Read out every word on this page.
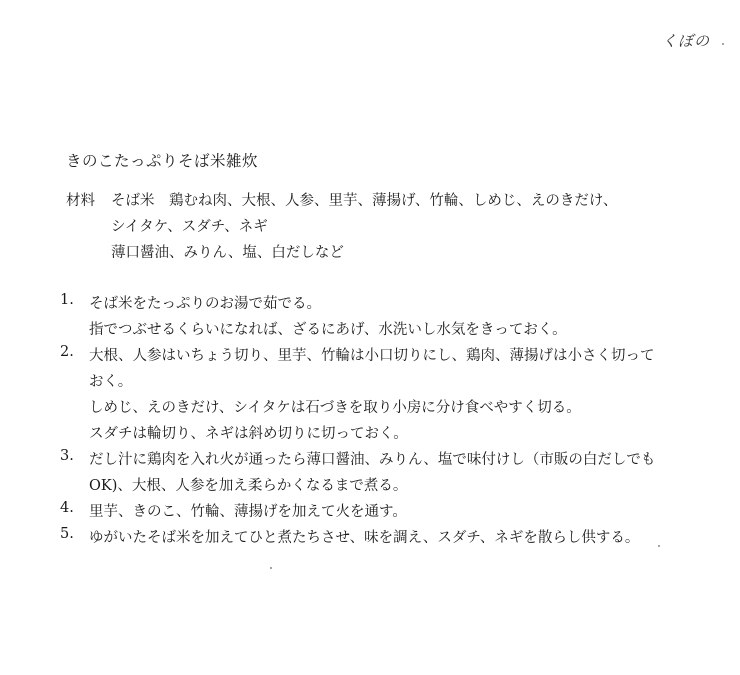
くぼの
きのこたっぷりそば米雑炊
材料 そば米　鶏むね肉、大根、人参、里芋、薄揚げ、竹輪、しめじ、えのきだけ、
シイタケ、スダチ、ネギ
薄口醤油、みりん、塩、白だしなど
1. そば米をたっぷりのお湯で茹でる。
指でつぶせるくらいになれば、ざるにあげ、水洗いし水気をきっておく。
2. 大根、人参はいちょう切り、里芋、竹輪は小口切りにし、鶏肉、薄揚げは小さく切って
おく。
しめじ、えのきだけ、シイタケは石づきを取り小房に分け食べやすく切る。
スダチは輪切り、ネギは斜め切りに切っておく。
3. だし汁に鶏肉を入れ火が通ったら薄口醤油、みりん、塩で味付けし（市販の白だしでも
OK)、大根、人参を加え柔らかくなるまで煮る。
4. 里芋、きのこ、竹輪、薄揚げを加えて火を通す。
5. ゆがいたそば米を加えてひと煮たちさせ、味を調え、スダチ、ネギを散らし供する。
